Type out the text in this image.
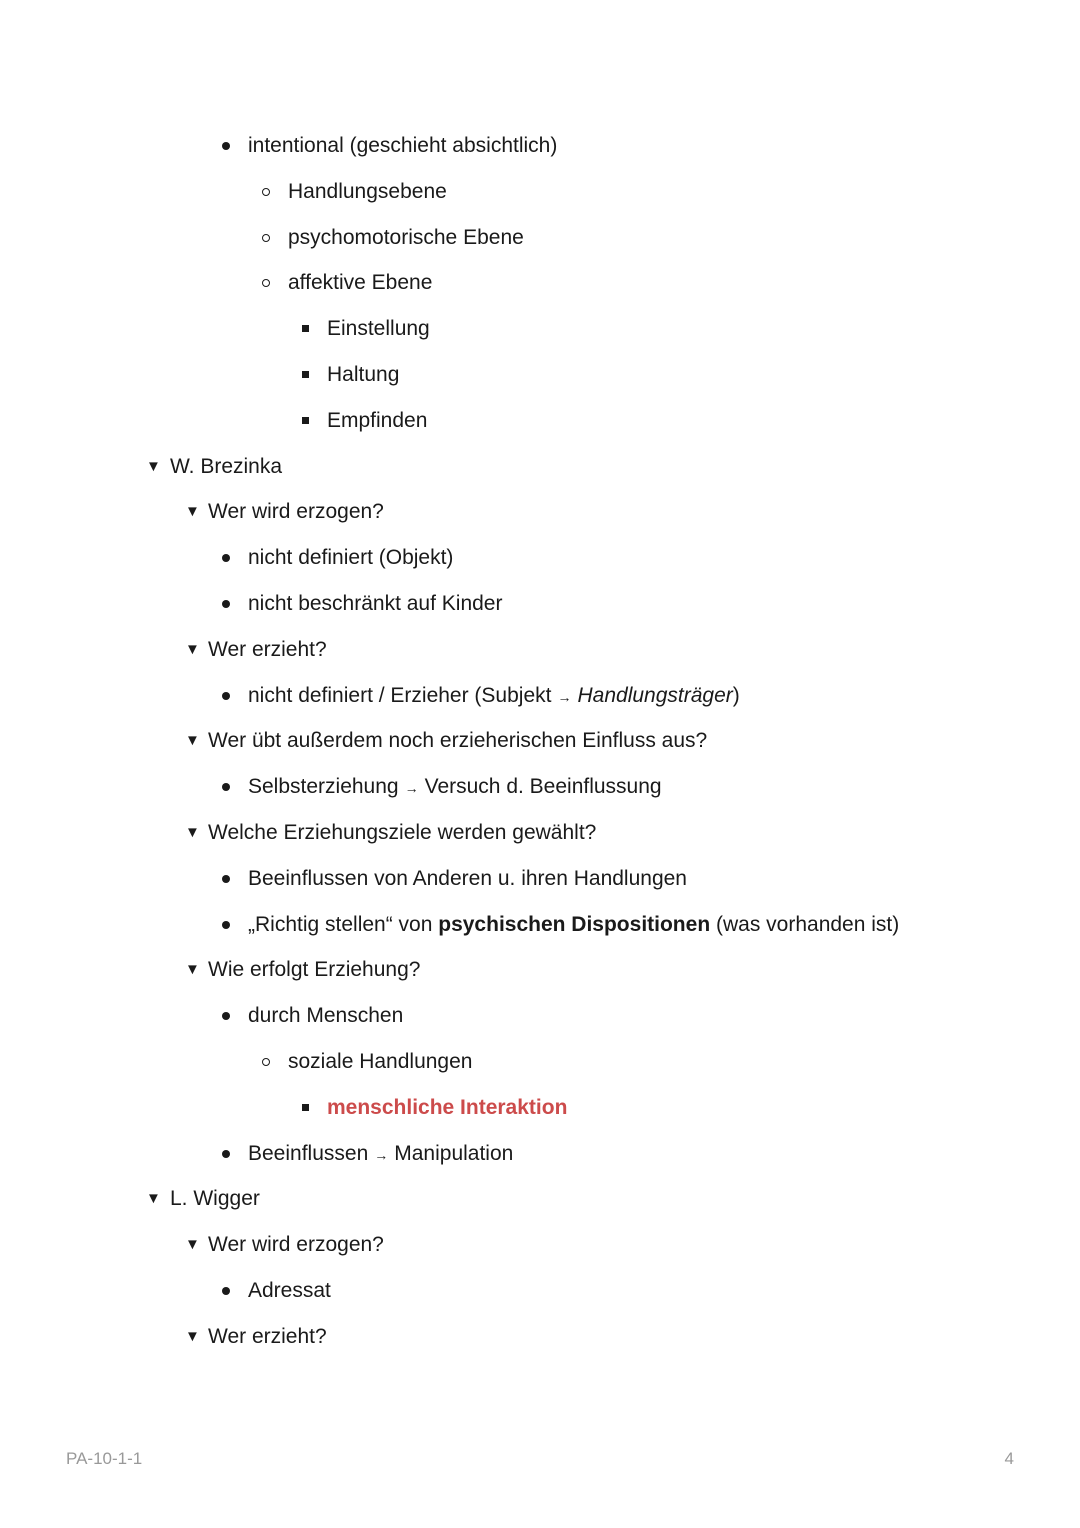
intentional (geschieht absichtlich)
Handlungsebene
psychomotorische Ebene
affektive Ebene
Einstellung
Haltung
Empfinden
▼ W. Brezinka
▼ Wer wird erzogen?
nicht definiert (Objekt)
nicht beschränkt auf Kinder
▼ Wer erzieht?
nicht definiert / Erzieher (Subjekt → Handlungsträger)
▼ Wer übt außerdem noch erzieherischen Einfluss aus?
Selbsterziehung → Versuch d. Beeinflussung
▼ Welche Erziehungsziele werden gewählt?
Beeinflussen von Anderen u. ihren Handlungen
„Richtig stellen“ von psychischen Dispositionen (was vorhanden ist)
▼ Wie erfolgt Erziehung?
durch Menschen
soziale Handlungen
menschliche Interaktion
Beeinflussen → Manipulation
▼ L. Wigger
▼ Wer wird erzogen?
Adressat
▼ Wer erzieht?
PA-10-1-1	4
